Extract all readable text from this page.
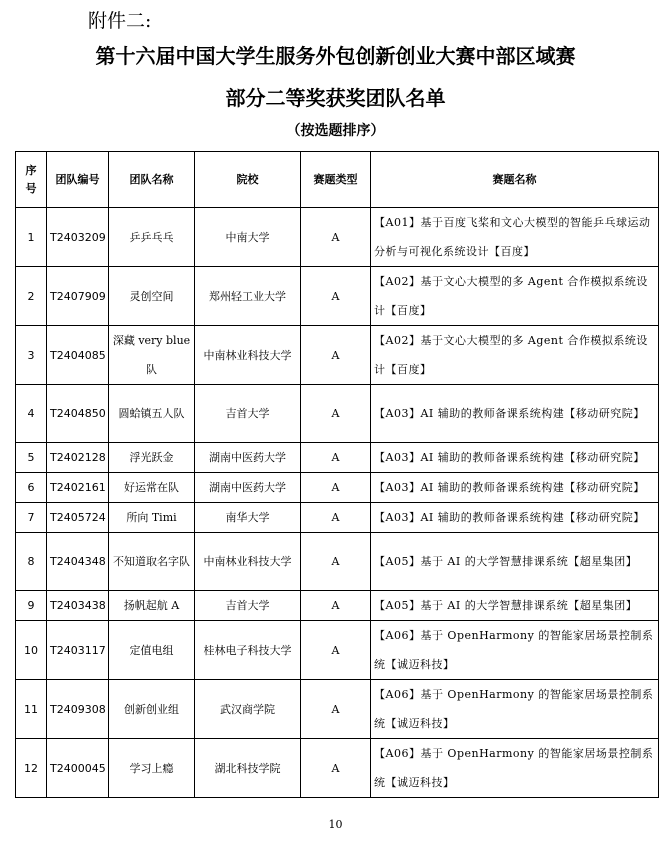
附件二:
第十六届中国大学生服务外包创新创业大赛中部区域赛
部分二等奖获奖团队名单
（按选题排序）
序号	团队编号	团队名称	院校	赛题类型	赛题名称
1	T2403209	乒乒乓乓	中南大学	A	【A01】基于百度飞桨和文心大模型的智能乒乓球运动分析与可视化系统设计【百度】
2	T2407909	灵创空间	郑州轻工业大学	A	【A02】基于文心大模型的多 Agent 合作模拟系统设计【百度】
3	T2404085	深藏 very blue 队	中南林业科技大学	A	【A02】基于文心大模型的多 Agent 合作模拟系统设计【百度】
4	T2404850	圆蛤镇五人队	吉首大学	A	【A03】AI 辅助的教师备课系统构建【移动研究院】
5	T2402128	浮光跃金	湖南中医药大学	A	【A03】AI 辅助的教师备课系统构建【移动研究院】
6	T2402161	好运常在队	湖南中医药大学	A	【A03】AI 辅助的教师备课系统构建【移动研究院】
7	T2405724	所向 Timi	南华大学	A	【A03】AI 辅助的教师备课系统构建【移动研究院】
8	T2404348	不知道取名字队	中南林业科技大学	A	【A05】基于 AI 的大学智慧排课系统【超星集团】
9	T2403438	扬帆起航 A	吉首大学	A	【A05】基于 AI 的大学智慧排课系统【超星集团】
10	T2403117	定值电组	桂林电子科技大学	A	【A06】基于 OpenHarmony 的智能家居场景控制系统【诚迈科技】
11	T2409308	创新创业组	武汉商学院	A	【A06】基于 OpenHarmony 的智能家居场景控制系统【诚迈科技】
12	T2400045	学习上瘾	湖北科技学院	A	【A06】基于 OpenHarmony 的智能家居场景控制系统【诚迈科技】
10
